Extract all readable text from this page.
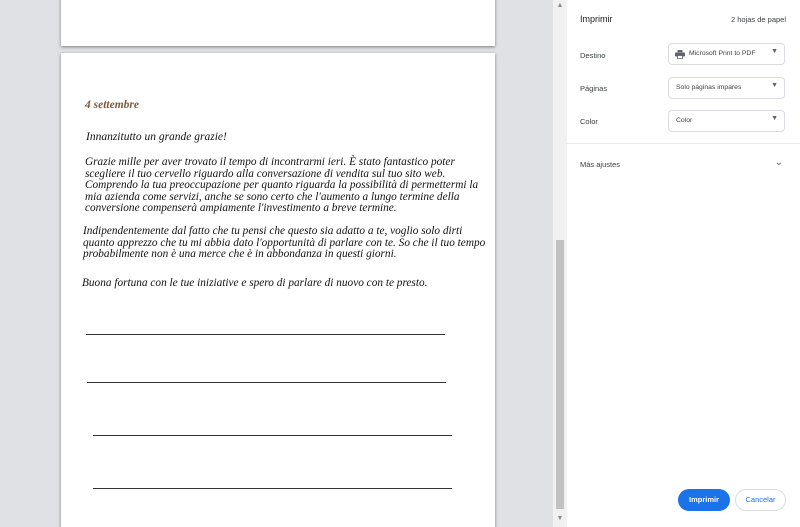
4 settembre
Innanzitutto un grande grazie!
Grazie mille per aver trovato il tempo di incontrarmi ieri. È stato fantastico poter scegliere il tuo cervello riguardo alla conversazione di vendita sul tuo sito web. Comprendo la tua preoccupazione per quanto riguarda la possibilità di permettermi la mia azienda come servizi, anche se sono certo che l'aumento a lungo termine della conversione compenserà ampiamente l'investimento a breve termine.
Indipendentemente dal fatto che tu pensi che questo sia adatto a te, voglio solo dirti quanto apprezzo che tu mi abbia dato l'opportunità di parlare con te. So che il tuo tempo probabilmente non è una merce che è in abbondanza in questi giorni.
Buona fortuna con le tue iniziative e spero di parlare di nuovo con te presto.
▲
▼
Imprimir	2 hojas de papel
Destino	Microsoft Print to PDF ▼
Páginas	Solo páginas impares	▼
Color	Color	▼
Más ajustes	⌄
Imprimir	Cancelar
